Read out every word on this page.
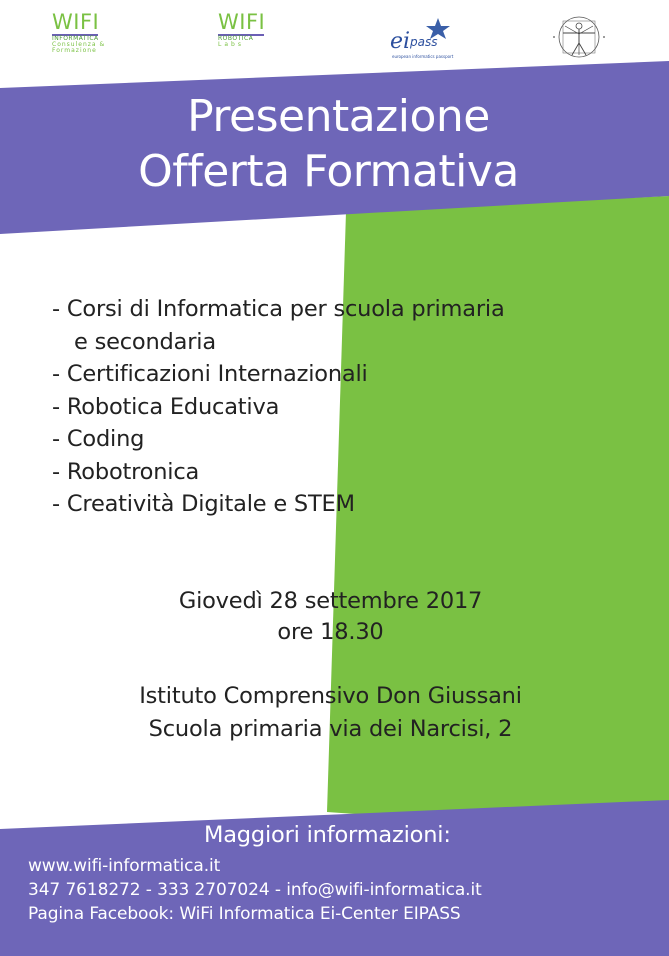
WIFI
INFORMATICA
Consulenza & Formazione
WIFI
ROBOTICA
Labs	e i pass
european informatics passport
Presentazione
Offerta Formativa
- Corsi di Informatica per scuola primaria
e secondaria
- Certificazioni Internazionali
- Robotica Educativa
- Coding
- Robotronica
- Creatività Digitale e STEM
Giovedì 28 settembre 2017
ore 18.30
Istituto Comprensivo Don Giussani
Scuola primaria via dei Narcisi, 2
Maggiori informazioni:
www.wifi-informatica.it
347 7618272 - 333 2707024 - info@wifi-informatica.it
Pagina Facebook: WiFi Informatica Ei-Center EIPASS
